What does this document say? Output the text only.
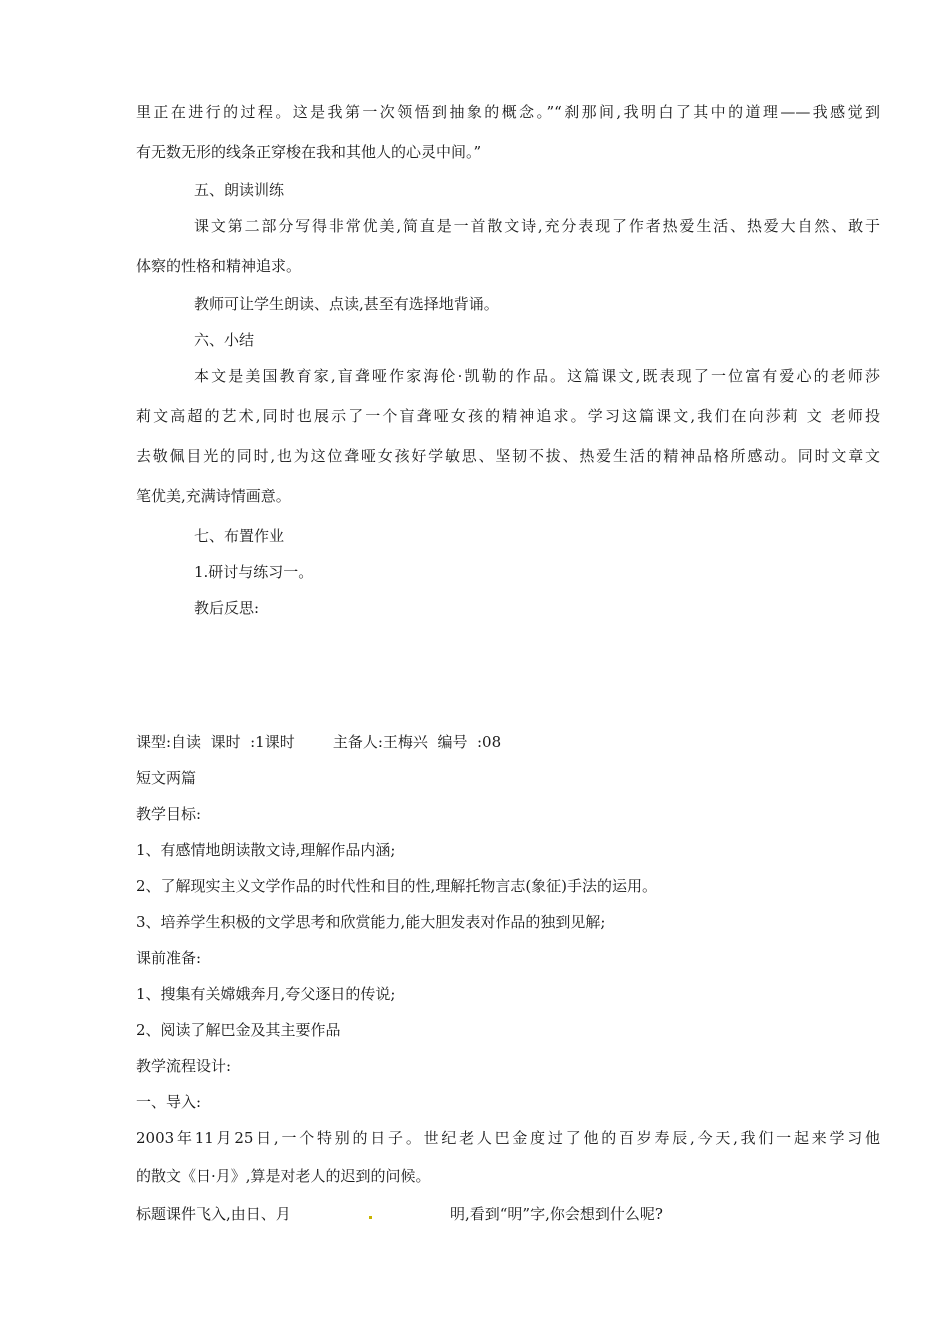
里正在进行的过程。这是我第一次领悟到抽象的概念。”“刹那间,我明白了其中的道理——我感觉到
有无数无形的线条正穿梭在我和其他人的心灵中间。”
五、朗读训练
课文第二部分写得非常优美,简直是一首散文诗,充分表现了作者热爱生活、热爱大自然、敢于
体察的性格和精神追求。
教师可让学生朗读、点读,甚至有选择地背诵。
六、小结
本文是美国教育家,盲聋哑作家海伦·凯勒的作品。这篇课文,既表现了一位富有爱心的老师莎
莉文高超的艺术,同时也展示了一个盲聋哑女孩的精神追求。学习这篇课文,我们在向莎莉 文 老师投
去敬佩目光的同时,也为这位聋哑女孩好学敏思、坚韧不拔、热爱生活的精神品格所感动。同时文章文
笔优美,充满诗情画意。
七、布置作业
1.研讨与练习一。
教后反思:
课型:自读  课时  :1课时        主备人:王梅兴  编号  :08
短文两篇
教学目标:
1、有感情地朗读散文诗,理解作品内涵;
2、了解现实主义文学作品的时代性和目的性,理解托物言志(象征)手法的运用。
3、培养学生积极的文学思考和欣赏能力,能大胆发表对作品的独到见解;
课前准备:
1、搜集有关嫦娥奔月,夸父逐日的传说;
2、阅读了解巴金及其主要作品
教学流程设计:
一、导入:
2003年11月25日,一个特别的日子。世纪老人巴金度过了他的百岁寿辰,今天,我们一起来学习他
的散文《日·月》,算是对老人的迟到的问候。
标题课件飞入,由日、月	明,看到“明”字,你会想到什么呢?
